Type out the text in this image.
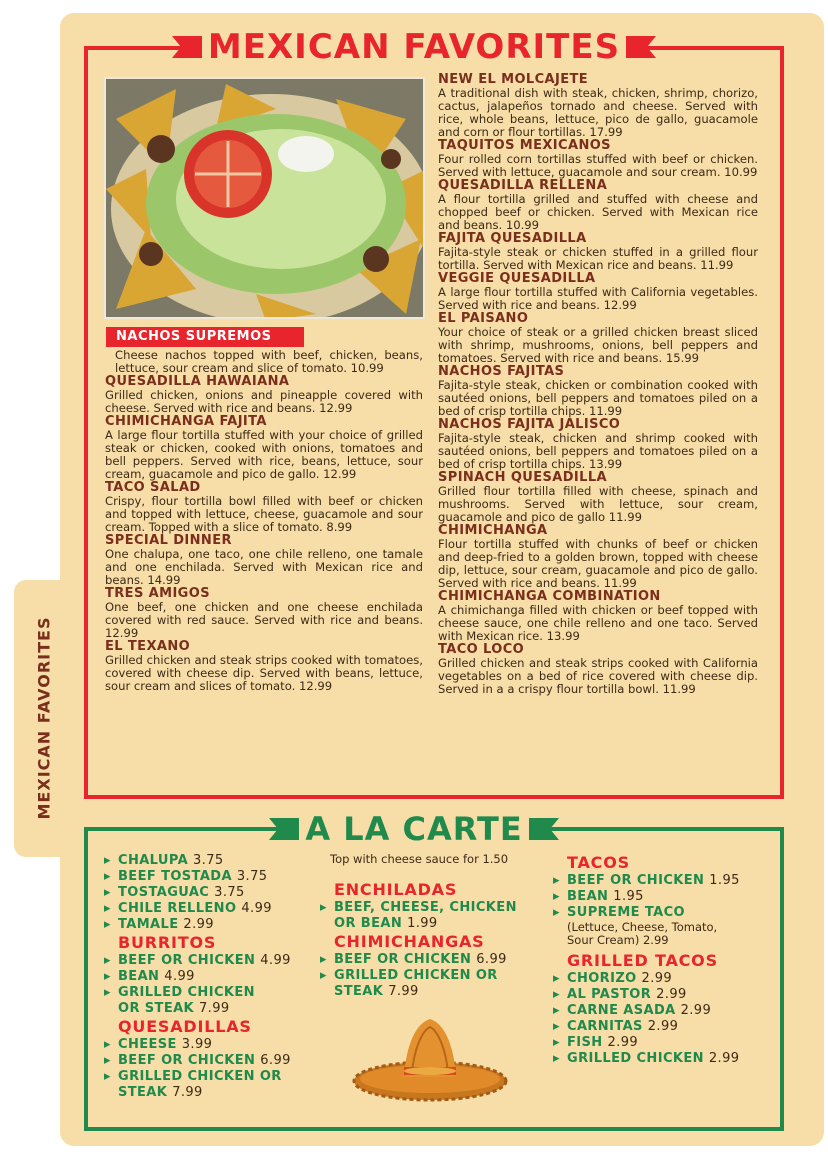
MEXICAN FAVORITES
MEXICAN FAVORITES
NACHOS SUPREMOS
Cheese nachos topped with beef, chicken, beans, lettuce, sour cream and slice of tomato. 10.99
QUESADILLA HAWAIANA
Grilled chicken, onions and pineapple covered with cheese. Served with rice and beans. 12.99
CHIMICHANGA FAJITA
A large flour tortilla stuffed with your choice of grilled steak or chicken, cooked with onions, tomatoes and bell peppers. Served with rice, beans, lettuce, sour cream, guacamole and pico de gallo. 12.99
TACO SALAD
Crispy, flour tortilla bowl filled with beef or chicken and topped with lettuce, cheese, guacamole and sour cream. Topped with a slice of tomato. 8.99
SPECIAL DINNER
One chalupa, one taco, one chile relleno, one tamale and one enchilada. Served with Mexican rice and beans. 14.99
TRES AMIGOS
One beef, one chicken and one cheese enchilada covered with red sauce. Served with rice and beans. 12.99
EL TEXANO
Grilled chicken and steak strips cooked with tomatoes, covered with cheese dip. Served with beans, lettuce, sour cream and slices of tomato. 12.99
NEW EL MOLCAJETE
A traditional dish with steak, chicken, shrimp, chorizo, cactus, jalapeños tornado and cheese. Served with rice, whole beans, lettuce, pico de gallo, guacamole and corn or flour tortillas. 17.99
TAQUITOS MEXICANOS
Four rolled corn tortillas stuffed with beef or chicken. Served with lettuce, guacamole and sour cream. 10.99
QUESADILLA RELLENA
A flour tortilla grilled and stuffed with cheese and chopped beef or chicken. Served with Mexican rice and beans. 10.99
FAJITA QUESADILLA
Fajita-style steak or chicken stuffed in a grilled flour tortilla. Served with Mexican rice and beans. 11.99
VEGGIE QUESADILLA
A large flour tortilla stuffed with California vegetables. Served with rice and beans. 12.99
EL PAISANO
Your choice of steak or a grilled chicken breast sliced with shrimp, mushrooms, onions, bell peppers and tomatoes. Served with rice and beans. 15.99
NACHOS FAJITAS
Fajita-style steak, chicken or combination cooked with sautéed onions, bell peppers and tomatoes piled on a bed of crisp tortilla chips. 11.99
NACHOS FAJITA JALISCO
Fajita-style steak, chicken and shrimp cooked with sautéed onions, bell peppers and tomatoes piled on a bed of crisp tortilla chips. 13.99
SPINACH QUESADILLA
Grilled flour tortilla filled with cheese, spinach and mushrooms. Served with lettuce, sour cream, guacamole and pico de gallo 11.99
CHIMICHANGA
Flour tortilla stuffed with chunks of beef or chicken and deep-fried to a golden brown, topped with cheese dip, lettuce, sour cream, guacamole and pico de gallo. Served with rice and beans. 11.99
CHIMICHANGA COMBINATION
A chimichanga filled with chicken or beef topped with cheese sauce, one chile relleno and one taco. Served with Mexican rice. 13.99
TACO LOCO
Grilled chicken and steak strips cooked with California vegetables on a bed of rice covered with cheese dip. Served in a a crispy flour tortilla bowl. 11.99
A LA CARTE
Top with cheese sauce for 1.50
▸ CHALUPA 3.75
▸ BEEF TOSTADA 3.75
▸ TOSTAGUAC 3.75
▸ CHILE RELLENO 4.99
▸ TAMALE 2.99
BURRITOS
▸ BEEF OR CHICKEN 4.99
▸ BEAN 4.99
▸ GRILLED CHICKEN
OR STEAK 7.99
QUESADILLAS
▸ CHEESE 3.99
▸ BEEF OR CHICKEN 6.99
▸ GRILLED CHICKEN OR
STEAK 7.99
ENCHILADAS
▸ BEEF, CHEESE, CHICKEN
OR BEAN 1.99
CHIMICHANGAS
▸ BEEF OR CHICKEN 6.99
▸ GRILLED CHICKEN OR
STEAK 7.99
TACOS
▸ BEEF OR CHICKEN 1.95
▸ BEAN 1.95
▸ SUPREME TACO
(Lettuce, Cheese, Tomato,
Sour Cream) 2.99
GRILLED TACOS
▸ CHORIZO 2.99
▸ AL PASTOR 2.99
▸ CARNE ASADA 2.99
▸ CARNITAS 2.99
▸ FISH 2.99
▸ GRILLED CHICKEN 2.99
